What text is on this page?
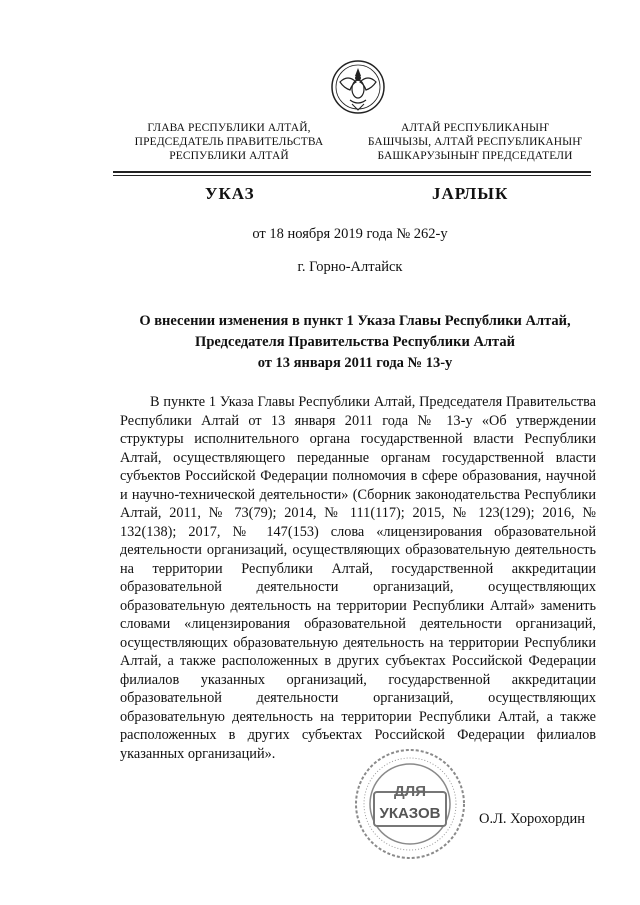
ГЛАВА РЕСПУБЛИКИ АЛТАЙ,
ПРЕДСЕДАТЕЛЬ ПРАВИТЕЛЬСТВА
РЕСПУБЛИКИ АЛТАЙ
АЛТАЙ РЕСПУБЛИКАНЫҤ
БАШЧЫЗЫ, АЛТАЙ РЕСПУБЛИКАНЫҤ
БАШКАРУЗЫНЫҤ ПРЕДСЕДАТЕЛИ
УКАЗ	JАРЛЫК
от 18 ноября 2019 года № 262-у
г. Горно-Алтайск
О внесении изменения в пункт 1 Указа Главы Республики Алтай,
Председателя Правительства Республики Алтай
от 13 января 2011 года № 13-у

В пункте 1 Указа Главы Республики Алтай, Председателя Правительства Республики Алтай от 13 января 2011 года № 13-у «Об утверждении структуры исполнительного органа государственной власти Республики Алтай, осуществляющего переданные органам государственной власти субъектов Российской Федерации полномочия в сфере образования, научной и научно-технической деятельности» (Сборник законодательства Республики Алтай, 2011, № 73(79); 2014, № 111(117); 2015, № 123(129); 2016, № 132(138); 2017, № 147(153) слова «лицензирования образовательной деятельности организаций, осуществляющих образовательную деятельность на территории Республики Алтай, государственной аккредитации образовательной деятельности организаций, осуществляющих образовательную деятельность на территории Республики Алтай» заменить словами «лицензирования образовательной деятельности организаций, осуществляющих образовательную деятельность на территории Республики Алтай, а также расположенных в других субъектах Российской Федерации филиалов указанных организаций, государственной аккредитации образовательной деятельности организаций, осуществляющих образовательную деятельность на территории Республики Алтай, а также расположенных в других субъектах Российской Федерации филиалов указанных организаций».

ДЛЯ
УКАЗОВ	О.Л. Хорохордин
